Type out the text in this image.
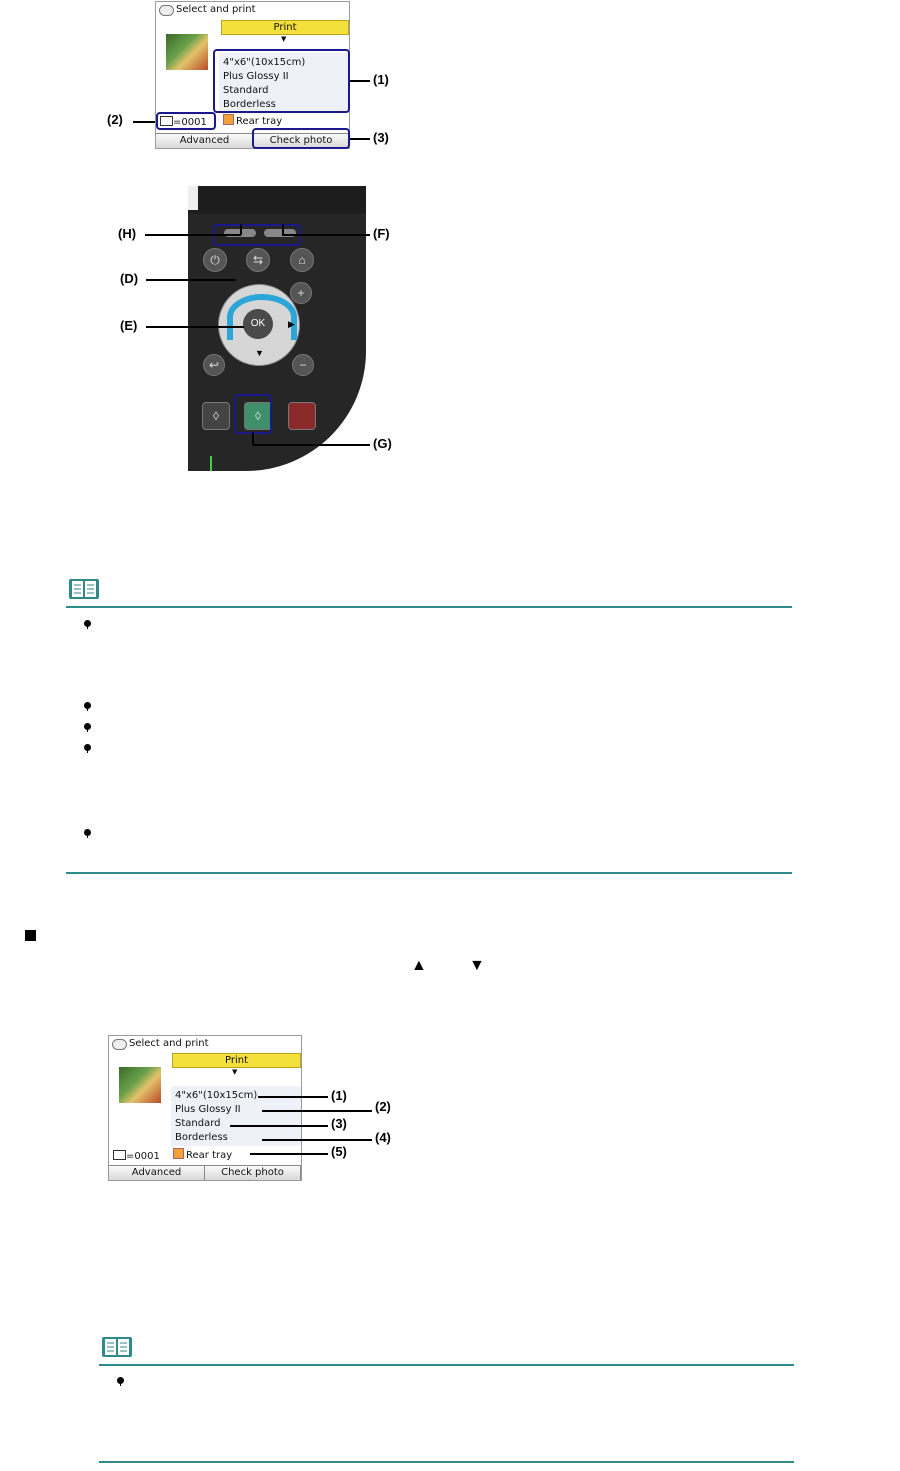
Select and print
Print
▼
4"x6"(10x15cm)
Plus Glossy II
Standard
Borderless
=0001	Rear tray
Advanced	Check photo
(1)
(2)
(3)
⏻	⇆	⌂
+
↩	−
▶
▼
OK
◊	◊
(H)	(F)
(D)
(E)
(G)
▲	▼
Select and print
Print
▼
4"x6"(10x15cm)
Plus Glossy II
Standard
Borderless
=0001	Rear tray
Advanced	Check photo
(1)
(2)
(3)
(4)
(5)
